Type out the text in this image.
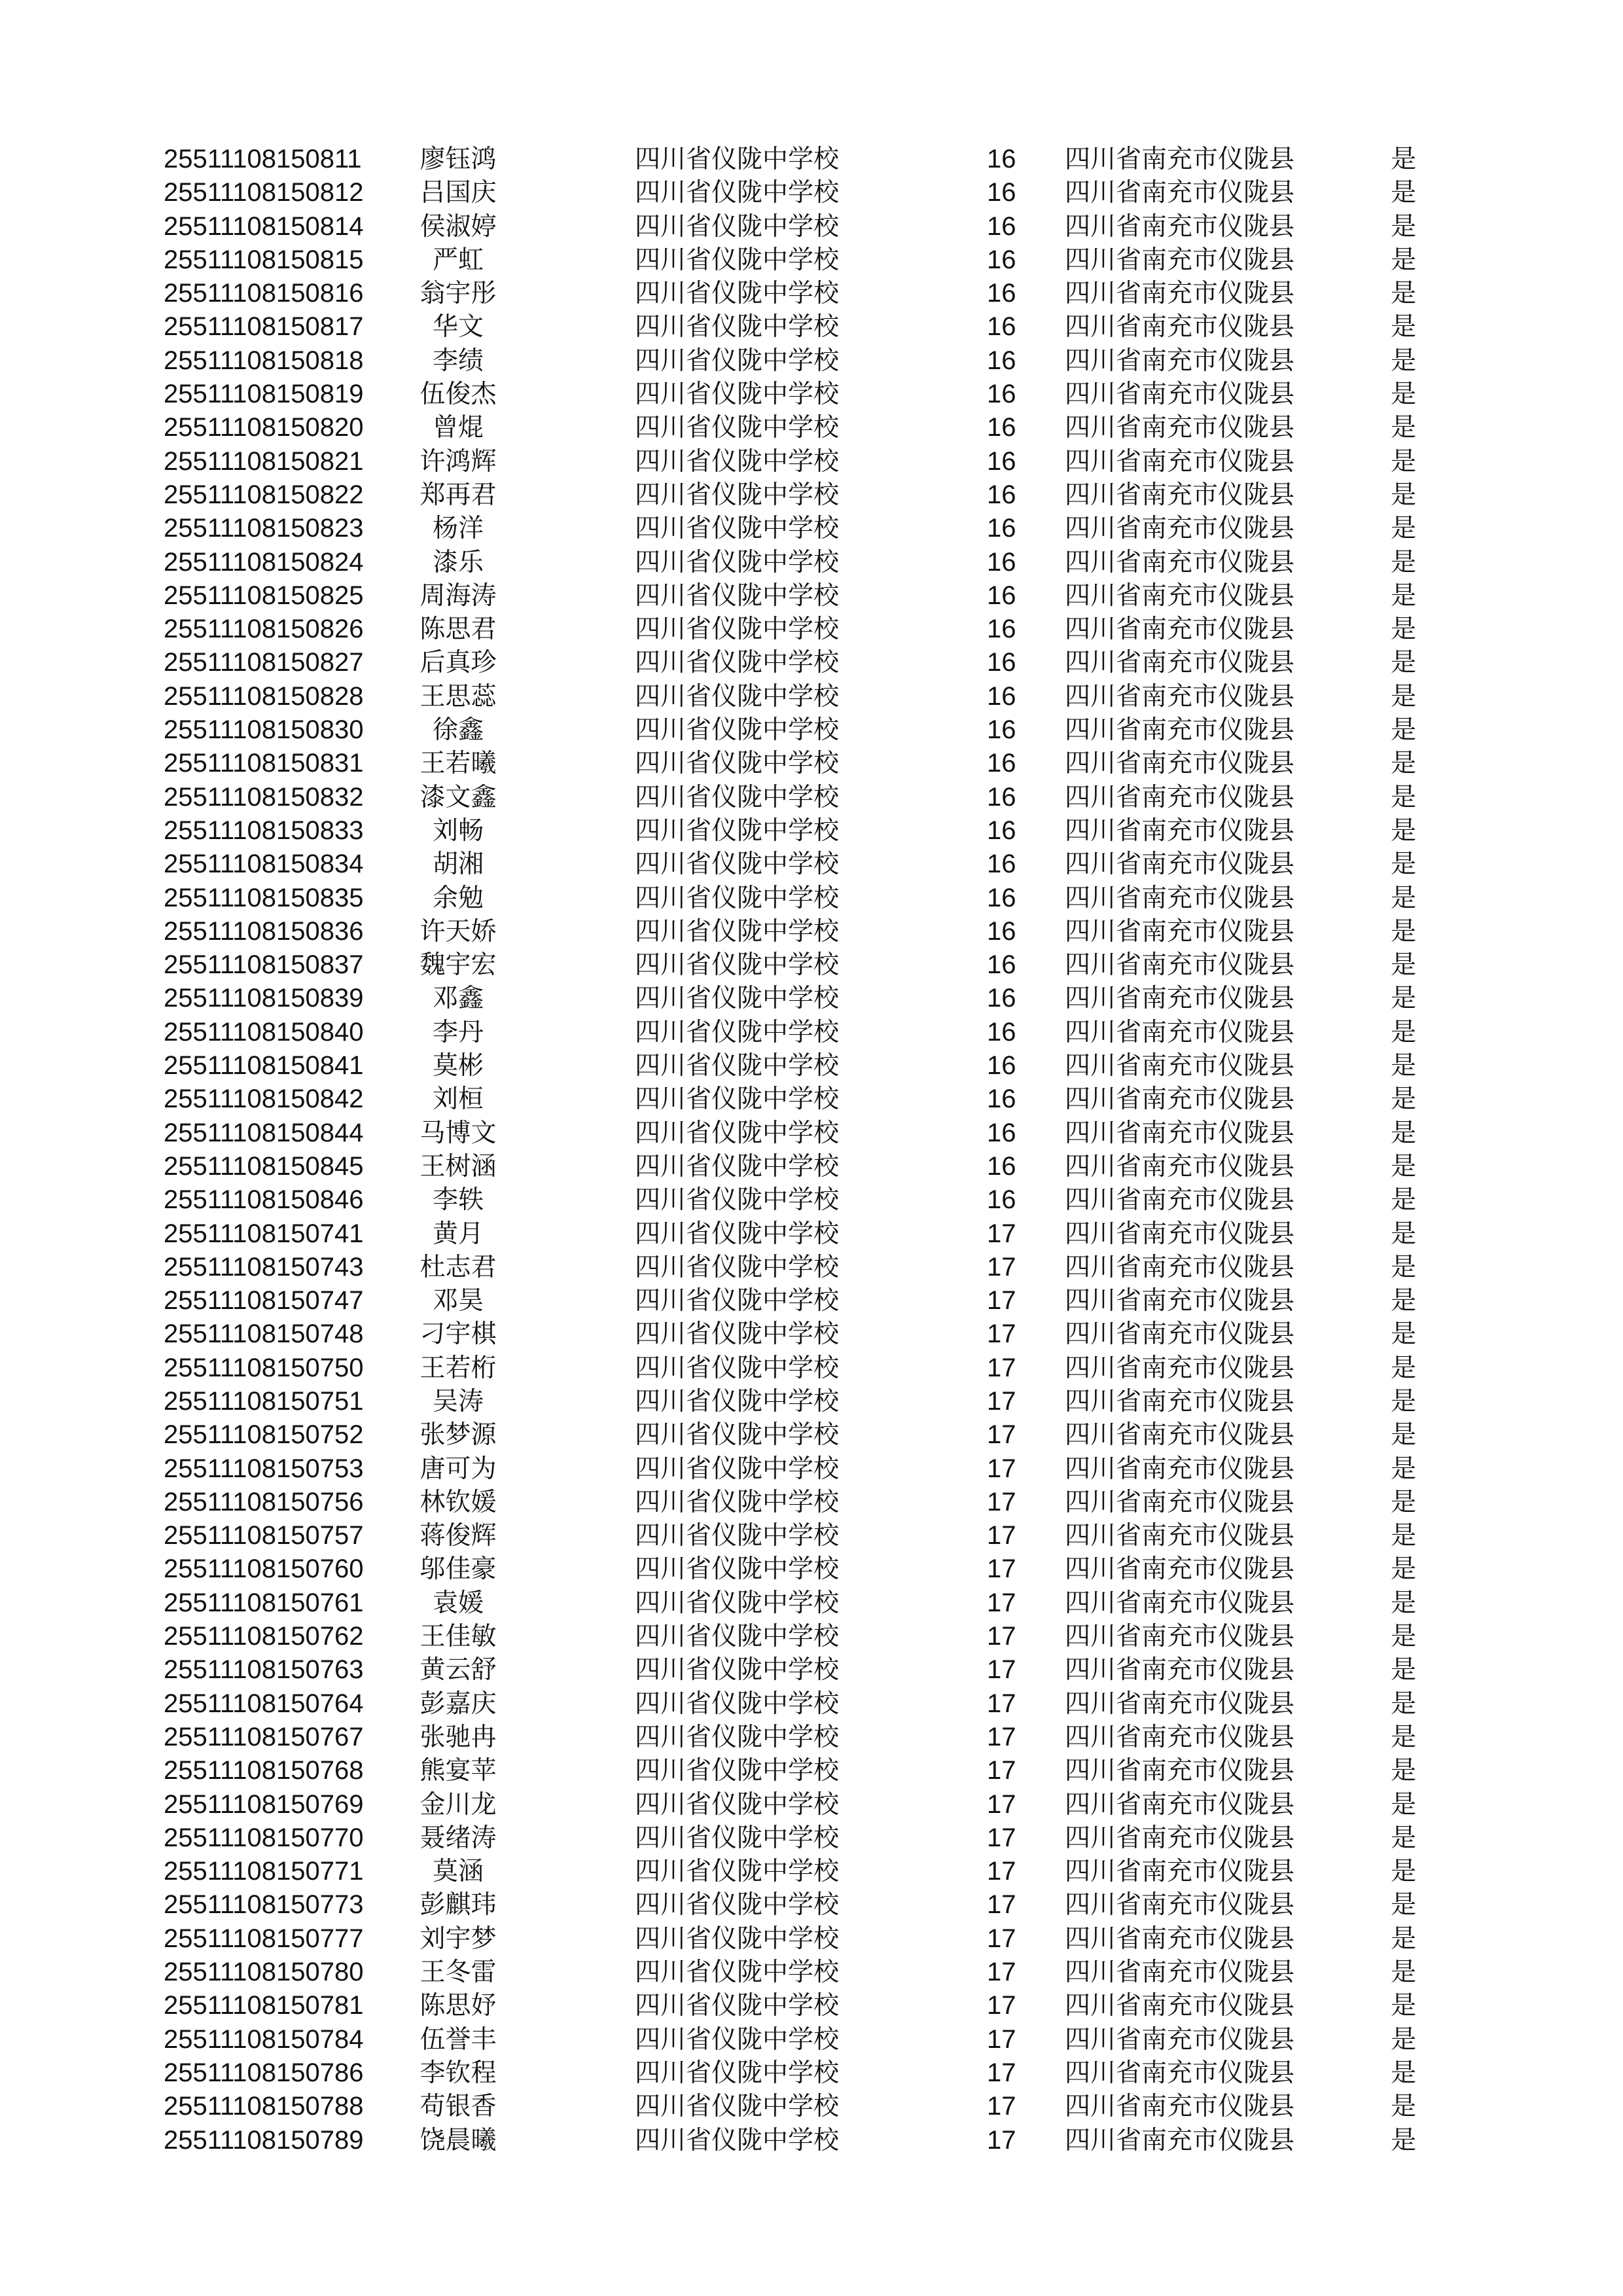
25511108150811	廖钰鸿	四川省仪陇中学校	16 四川省南充市仪陇县	是
25511108150812	吕国庆	四川省仪陇中学校	16 四川省南充市仪陇县	是
25511108150814	侯淑婷	四川省仪陇中学校	16 四川省南充市仪陇县	是
25511108150815	严虹	四川省仪陇中学校	16 四川省南充市仪陇县	是
25511108150816	翁宇彤	四川省仪陇中学校	16 四川省南充市仪陇县	是
25511108150817	华文	四川省仪陇中学校	16 四川省南充市仪陇县	是
25511108150818	李绩	四川省仪陇中学校	16 四川省南充市仪陇县	是
25511108150819	伍俊杰	四川省仪陇中学校	16 四川省南充市仪陇县	是
25511108150820	曾焜	四川省仪陇中学校	16 四川省南充市仪陇县	是
25511108150821	许鸿辉	四川省仪陇中学校	16 四川省南充市仪陇县	是
25511108150822	郑再君	四川省仪陇中学校	16 四川省南充市仪陇县	是
25511108150823	杨洋	四川省仪陇中学校	16 四川省南充市仪陇县	是
25511108150824	漆乐	四川省仪陇中学校	16 四川省南充市仪陇县	是
25511108150825	周海涛	四川省仪陇中学校	16 四川省南充市仪陇县	是
25511108150826	陈思君	四川省仪陇中学校	16 四川省南充市仪陇县	是
25511108150827	后真珍	四川省仪陇中学校	16 四川省南充市仪陇县	是
25511108150828	王思蕊	四川省仪陇中学校	16 四川省南充市仪陇县	是
25511108150830	徐鑫	四川省仪陇中学校	16 四川省南充市仪陇县	是
25511108150831	王若曦	四川省仪陇中学校	16 四川省南充市仪陇县	是
25511108150832	漆文鑫	四川省仪陇中学校	16 四川省南充市仪陇县	是
25511108150833	刘畅	四川省仪陇中学校	16 四川省南充市仪陇县	是
25511108150834	胡湘	四川省仪陇中学校	16 四川省南充市仪陇县	是
25511108150835	余勉	四川省仪陇中学校	16 四川省南充市仪陇县	是
25511108150836	许天娇	四川省仪陇中学校	16 四川省南充市仪陇县	是
25511108150837	魏宇宏	四川省仪陇中学校	16 四川省南充市仪陇县	是
25511108150839	邓鑫	四川省仪陇中学校	16 四川省南充市仪陇县	是
25511108150840	李丹	四川省仪陇中学校	16 四川省南充市仪陇县	是
25511108150841	莫彬	四川省仪陇中学校	16 四川省南充市仪陇县	是
25511108150842	刘桓	四川省仪陇中学校	16 四川省南充市仪陇县	是
25511108150844	马博文	四川省仪陇中学校	16 四川省南充市仪陇县	是
25511108150845	王树涵	四川省仪陇中学校	16 四川省南充市仪陇县	是
25511108150846	李轶	四川省仪陇中学校	16 四川省南充市仪陇县	是
25511108150741	黄月	四川省仪陇中学校	17 四川省南充市仪陇县	是
25511108150743	杜志君	四川省仪陇中学校	17 四川省南充市仪陇县	是
25511108150747	邓昊	四川省仪陇中学校	17 四川省南充市仪陇县	是
25511108150748	刁宇棋	四川省仪陇中学校	17 四川省南充市仪陇县	是
25511108150750	王若桁	四川省仪陇中学校	17 四川省南充市仪陇县	是
25511108150751	吴涛	四川省仪陇中学校	17 四川省南充市仪陇县	是
25511108150752	张梦源	四川省仪陇中学校	17 四川省南充市仪陇县	是
25511108150753	唐可为	四川省仪陇中学校	17 四川省南充市仪陇县	是
25511108150756	林钦媛	四川省仪陇中学校	17 四川省南充市仪陇县	是
25511108150757	蒋俊辉	四川省仪陇中学校	17 四川省南充市仪陇县	是
25511108150760	邬佳豪	四川省仪陇中学校	17 四川省南充市仪陇县	是
25511108150761	袁媛	四川省仪陇中学校	17 四川省南充市仪陇县	是
25511108150762	王佳敏	四川省仪陇中学校	17 四川省南充市仪陇县	是
25511108150763	黄云舒	四川省仪陇中学校	17 四川省南充市仪陇县	是
25511108150764	彭嘉庆	四川省仪陇中学校	17 四川省南充市仪陇县	是
25511108150767	张驰冉	四川省仪陇中学校	17 四川省南充市仪陇县	是
25511108150768	熊宴苹	四川省仪陇中学校	17 四川省南充市仪陇县	是
25511108150769	金川龙	四川省仪陇中学校	17 四川省南充市仪陇县	是
25511108150770	聂绪涛	四川省仪陇中学校	17 四川省南充市仪陇县	是
25511108150771	莫涵	四川省仪陇中学校	17 四川省南充市仪陇县	是
25511108150773	彭麒玮	四川省仪陇中学校	17 四川省南充市仪陇县	是
25511108150777	刘宇梦	四川省仪陇中学校	17 四川省南充市仪陇县	是
25511108150780	王冬雷	四川省仪陇中学校	17 四川省南充市仪陇县	是
25511108150781	陈思妤	四川省仪陇中学校	17 四川省南充市仪陇县	是
25511108150784	伍誉丰	四川省仪陇中学校	17 四川省南充市仪陇县	是
25511108150786	李钦程	四川省仪陇中学校	17 四川省南充市仪陇县	是
25511108150788	苟银香	四川省仪陇中学校	17 四川省南充市仪陇县	是
25511108150789	饶晨曦	四川省仪陇中学校	17 四川省南充市仪陇县	是
